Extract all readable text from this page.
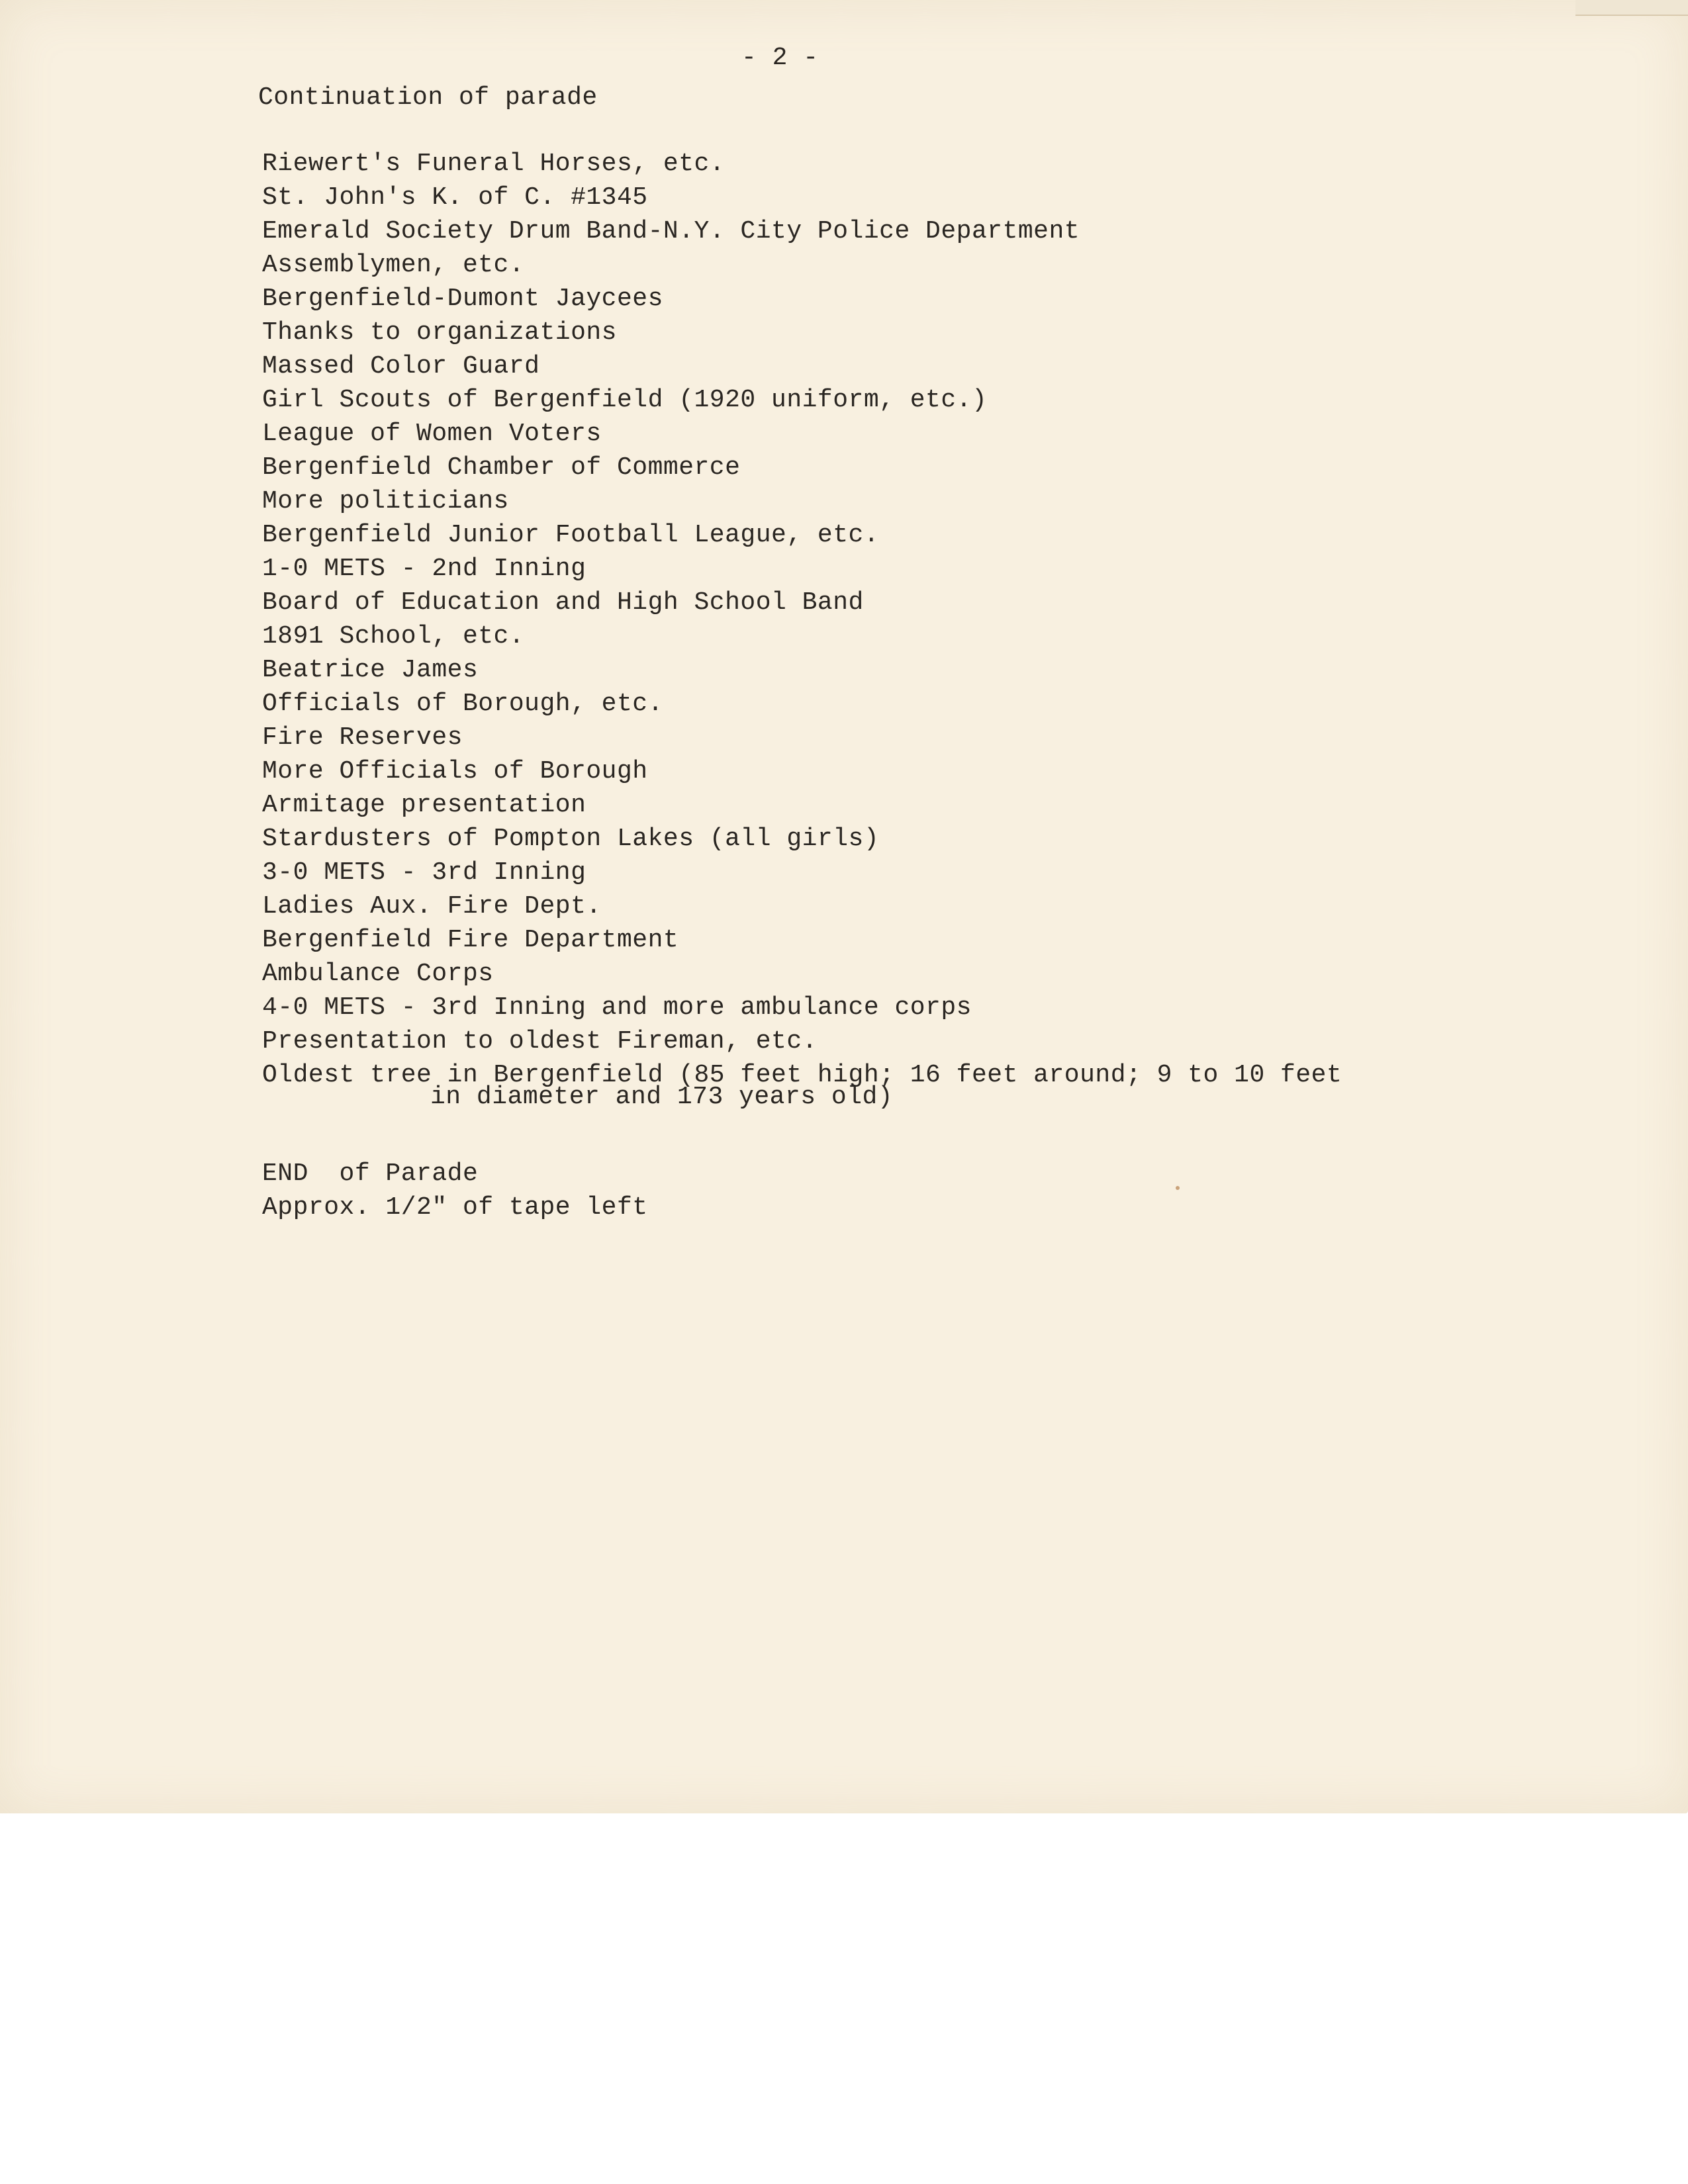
- 2 -
Continuation of parade
Riewert's Funeral Horses, etc.
St. John's K. of C. #1345
Emerald Society Drum Band-N.Y. City Police Department
Assemblymen, etc.
Bergenfield-Dumont Jaycees
Thanks to organizations
Massed Color Guard
Girl Scouts of Bergenfield (1920 uniform, etc.)
League of Women Voters
Bergenfield Chamber of Commerce
More politicians
Bergenfield Junior Football League, etc.
1-0 METS - 2nd Inning
Board of Education and High School Band
1891 School, etc.
Beatrice James
Officials of Borough, etc.
Fire Reserves
More Officials of Borough
Armitage presentation
Stardusters of Pompton Lakes (all girls)
3-0 METS - 3rd Inning
Ladies Aux. Fire Dept.
Bergenfield Fire Department
Ambulance Corps
4-0 METS - 3rd Inning and more ambulance corps
Presentation to oldest Fireman, etc.
Oldest tree in Bergenfield (85 feet high; 16 feet around; 9 to 10 feet
in diameter and 173 years old)
END  of Parade
Approx. 1/2" of tape left
